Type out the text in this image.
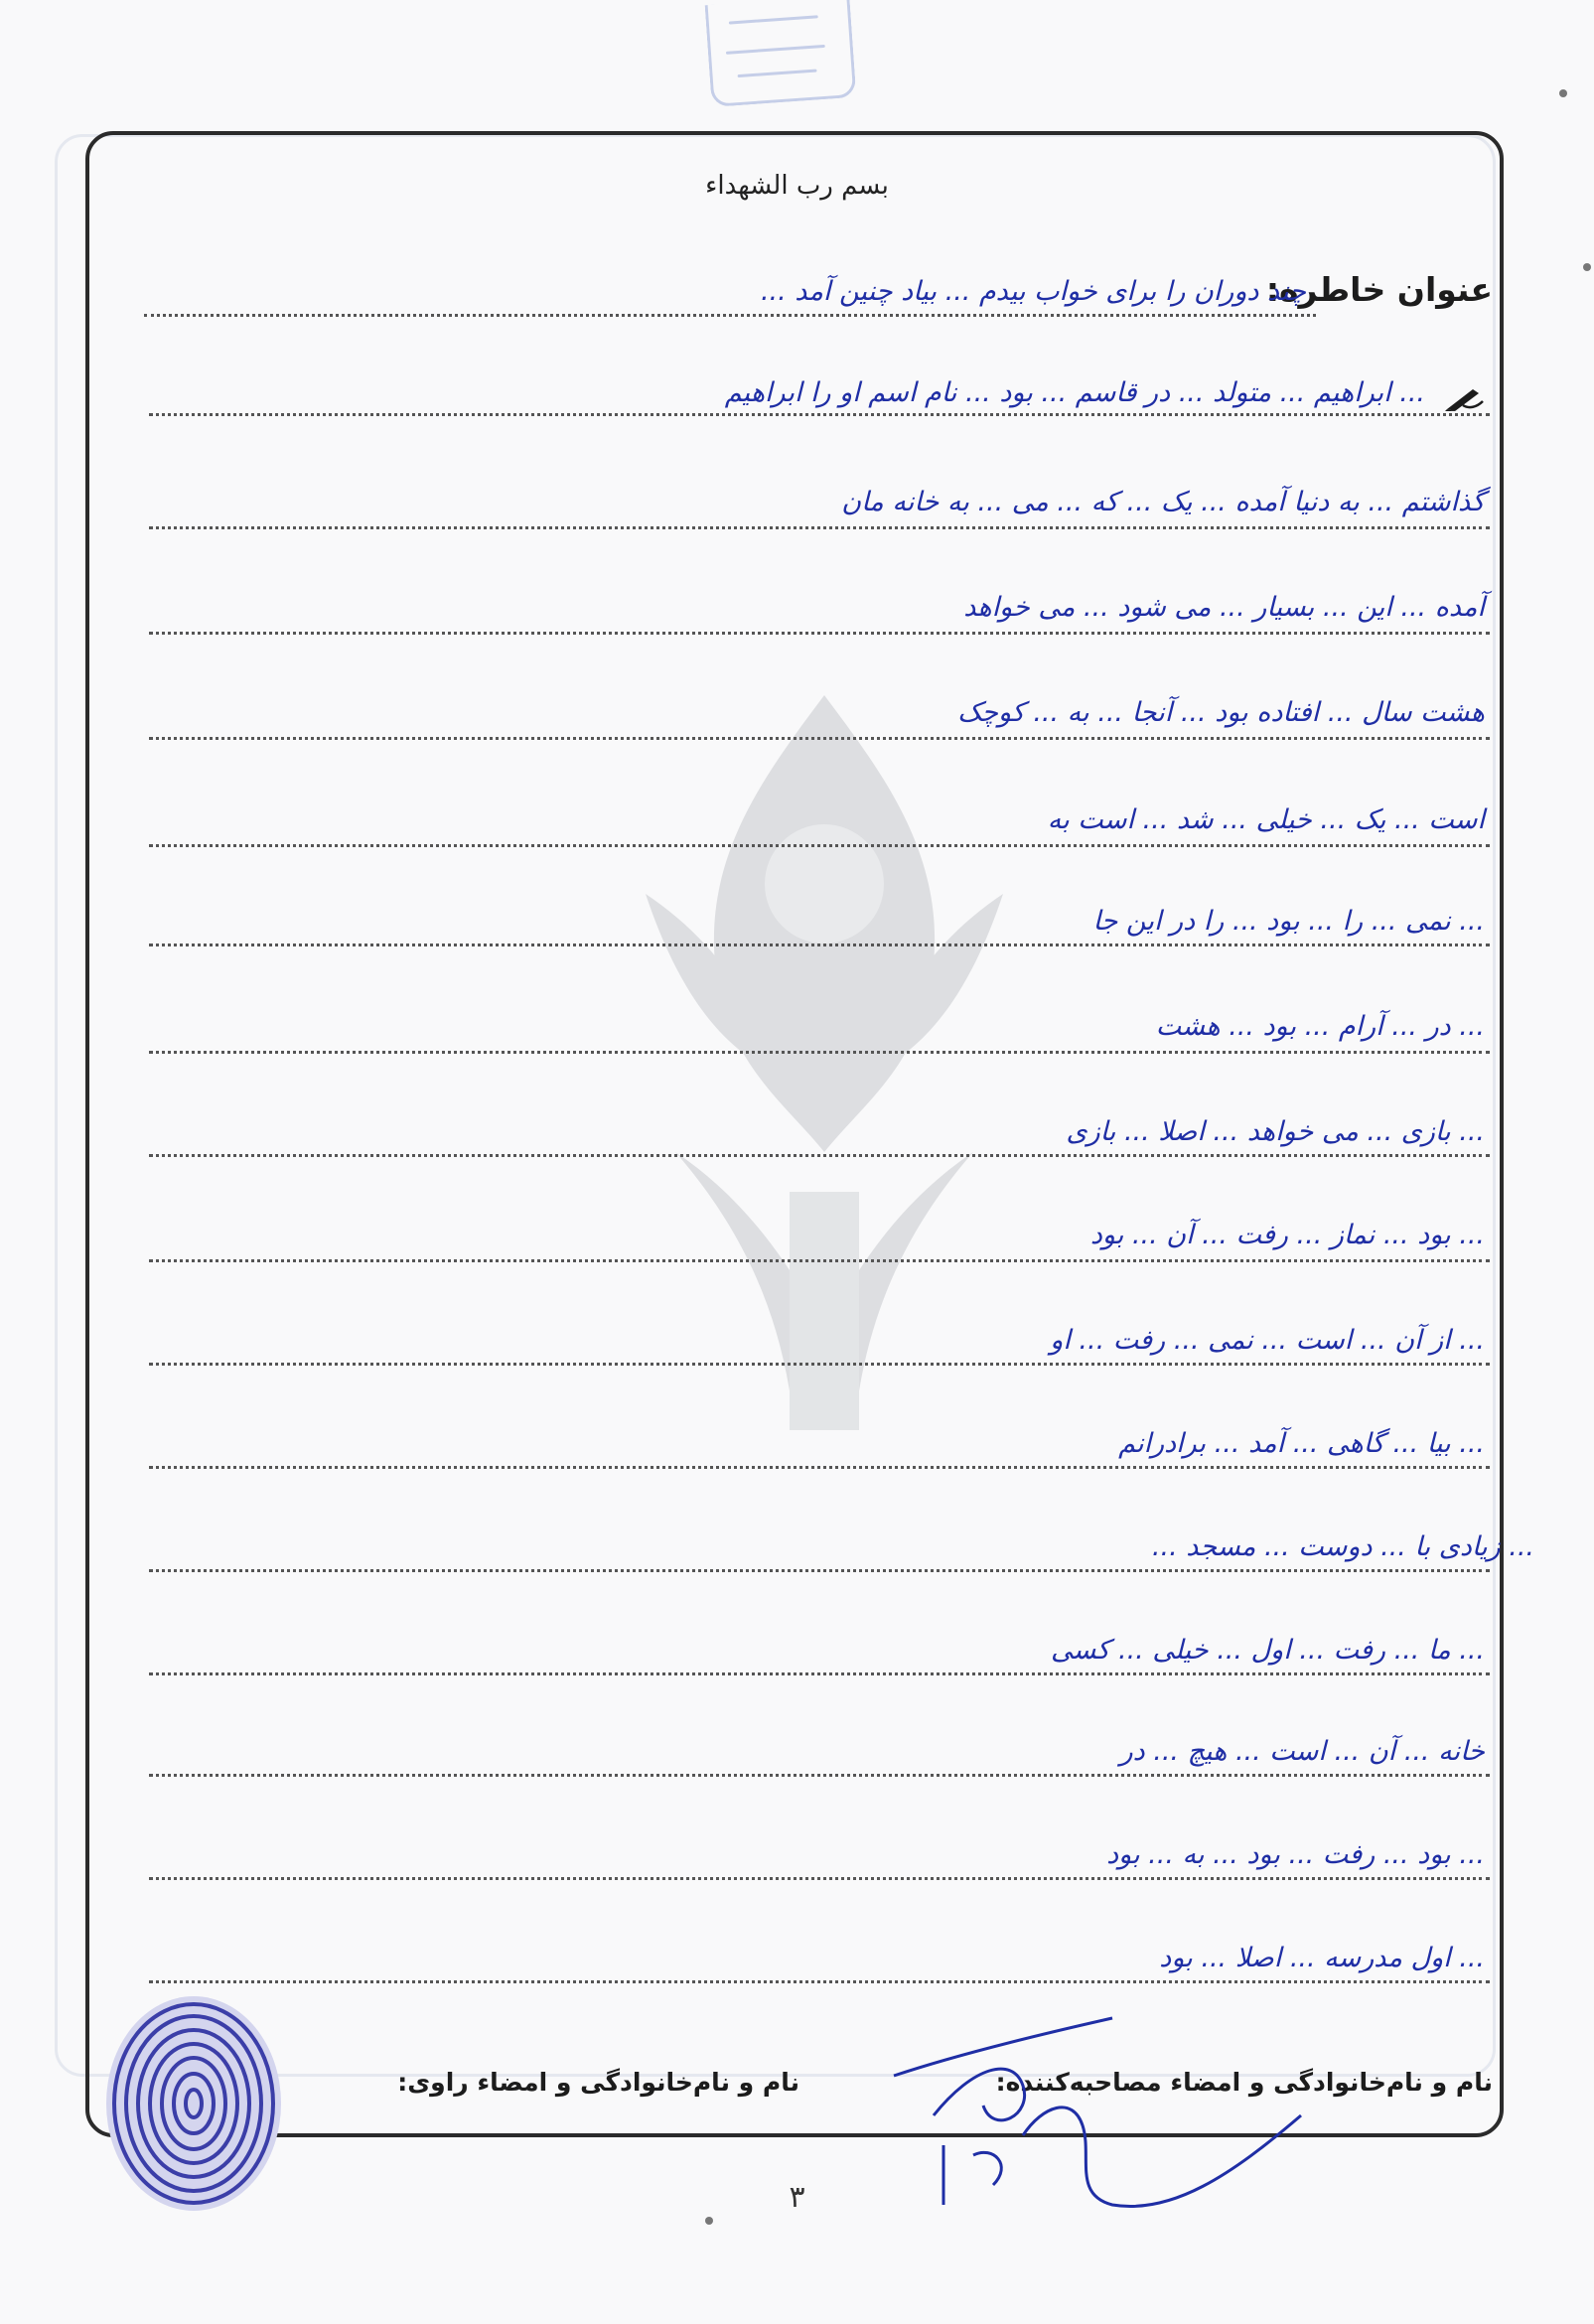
بسم رب الشهداء
عنوان خاطره:
چند دوران را برای خواب بیدم ... بیاد چنین آمد ...
... ابراهیم ... متولد ... در قاسم ... بود ... نام اسم او را ابراهیم
گذاشتم ... به دنیا آمده ... یک ... که ... می ... به خانه مان
آمده ... این ... بسیار ... می شود ... می خواهد
هشت سال ... افتاده بود ... آنجا ... به ... کوچک
است ... یک ... خیلی ... شد ... است به
... نمی ... را ... بود ... را در این جا
... در ... آرام ... بود ... هشت
... بازی ... می خواهد ... اصلا ... بازی
... بود ... نماز ... رفت ... آن ... بود
... از آن ... است ... نمی ... رفت ... او
... بیا ... گاهی ... آمد ... برادرانم
... زیادی با ... دوست ... مسجد ...
... ما ... رفت ... اول ... خیلی ... کسی
خانه ... آن ... است ... هیچ ... در
... بود ... رفت ... بود ... به ... بود
... اول مدرسه ... اصلا ... بود
نام و نام‌خانوادگی و امضاء مصاحبه‌کننده:
نام و نام‌خانوادگی و امضاء راوی:
۳
